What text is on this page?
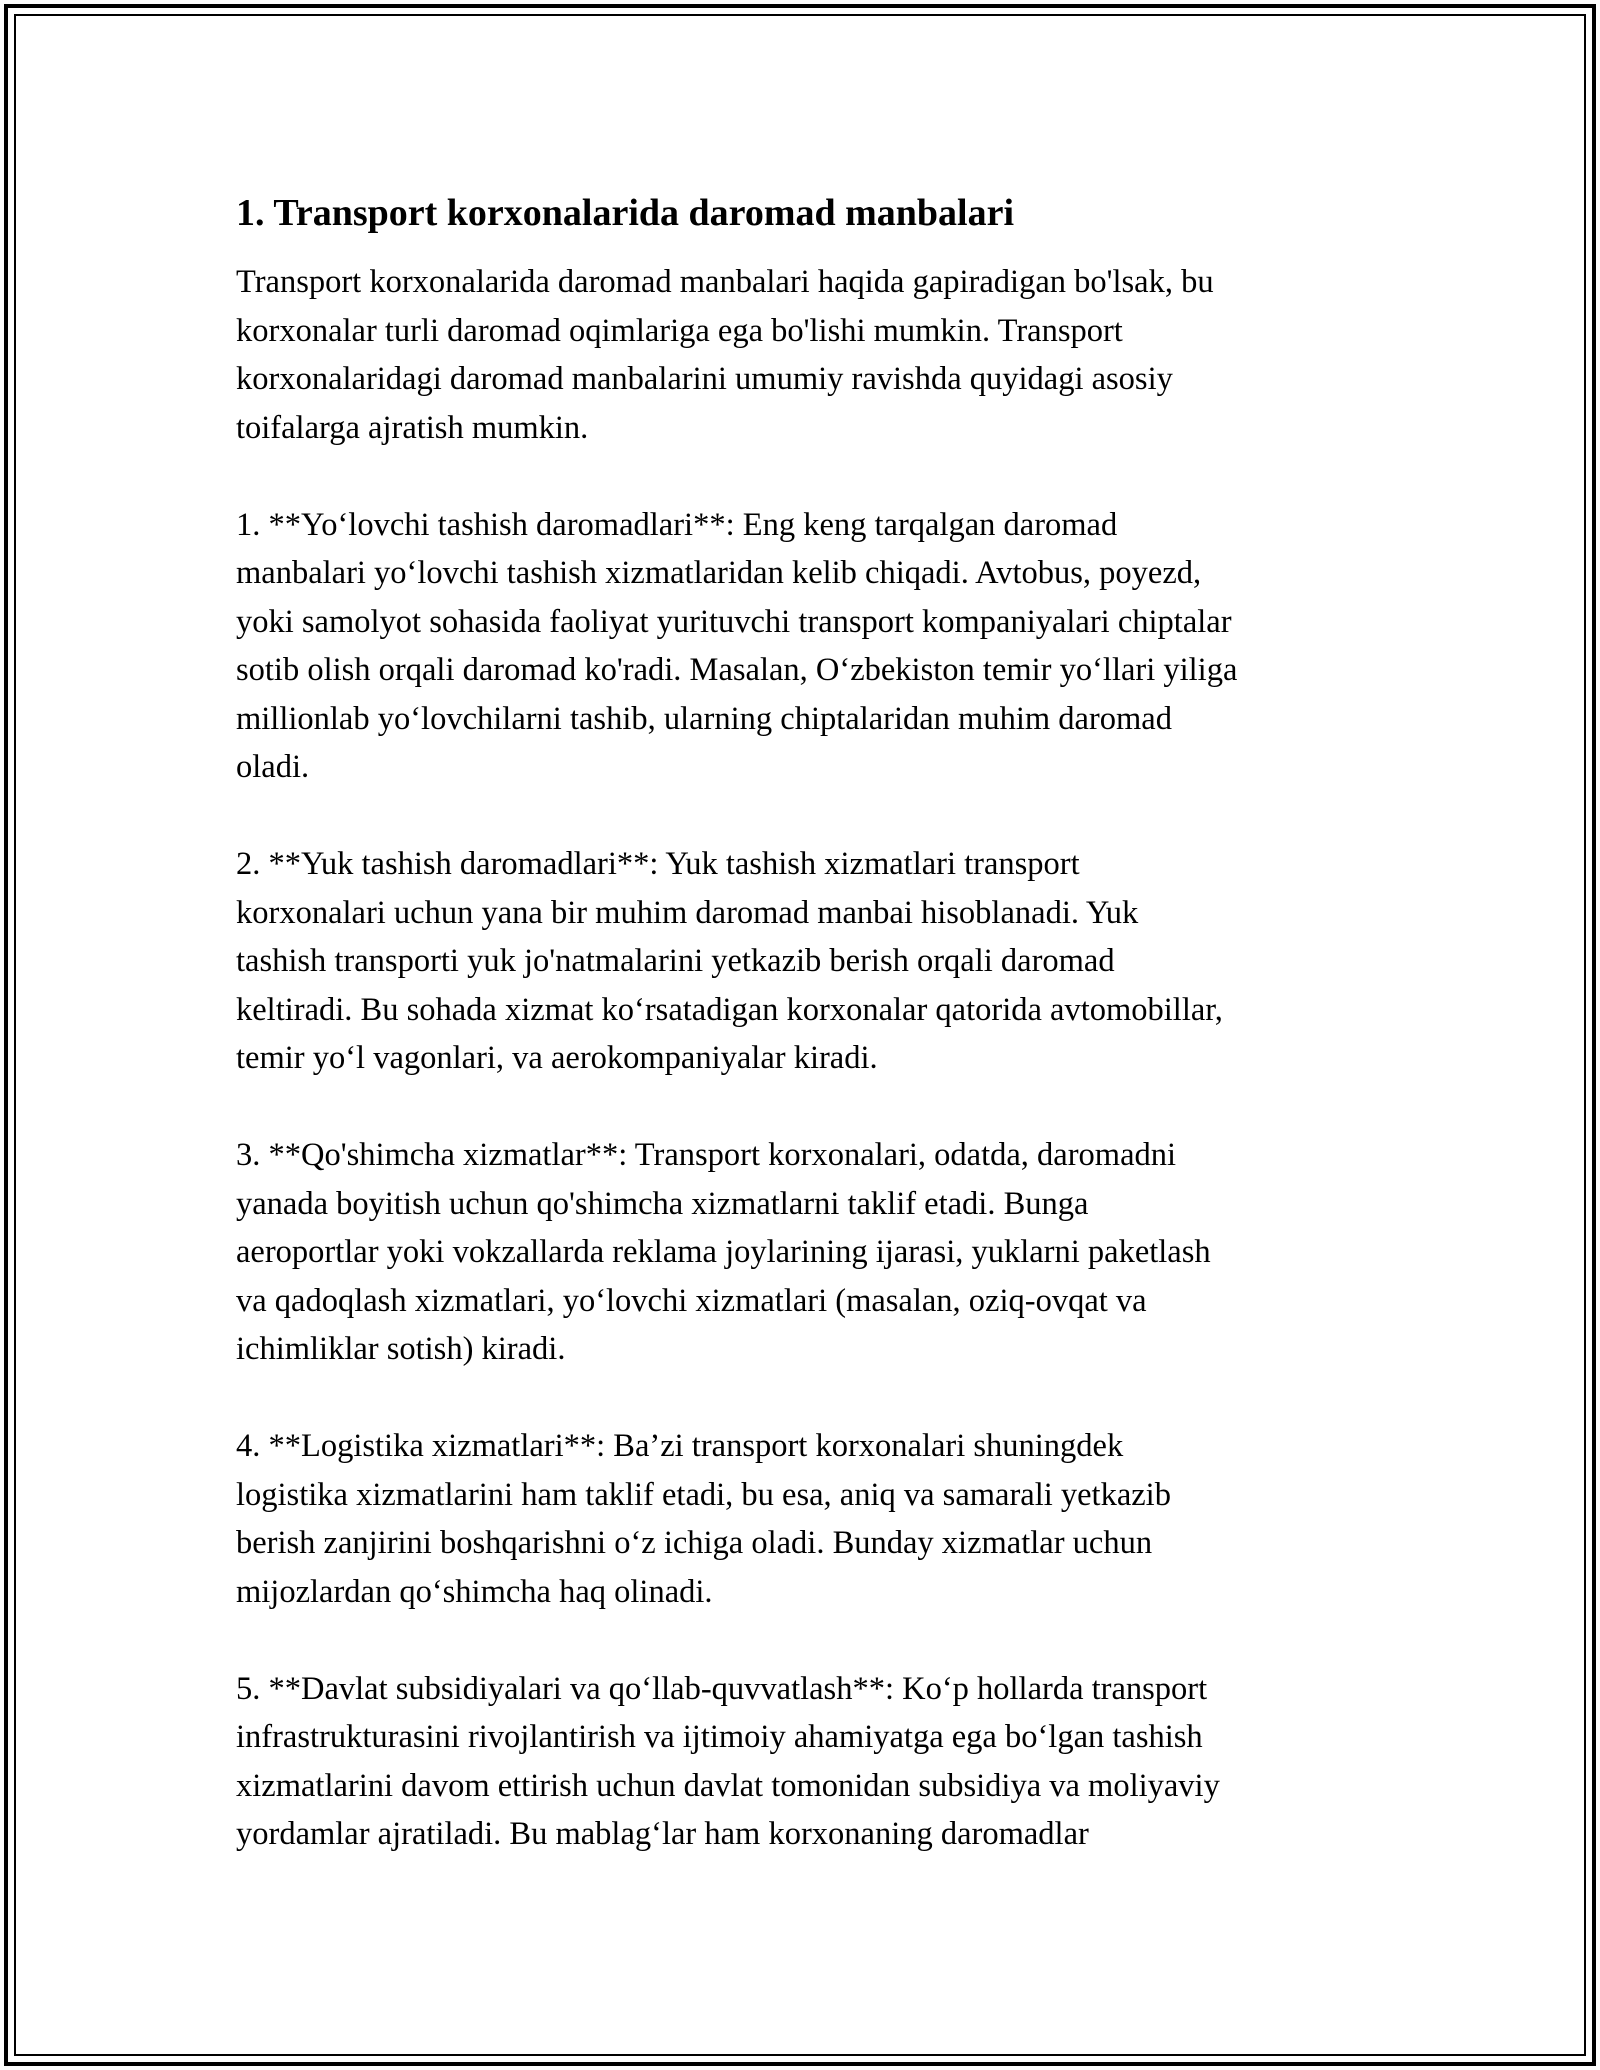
1. Transport korxonalarida daromad manbalari

Transport korxonalarida daromad manbalari haqida gapiradigan bo'lsak, bu
korxonalar turli daromad oqimlariga ega bo'lishi mumkin. Transport
korxonalaridagi daromad manbalarini umumiy ravishda quyidagi asosiy
toifalarga ajratish mumkin.

1. **Yo‘lovchi tashish daromadlari**: Eng keng tarqalgan daromad
manbalari yo‘lovchi tashish xizmatlaridan kelib chiqadi. Avtobus, poyezd,
yoki samolyot sohasida faoliyat yurituvchi transport kompaniyalari chiptalar
sotib olish orqali daromad ko'radi. Masalan, O‘zbekiston temir yo‘llari yiliga
millionlab yo‘lovchilarni tashib, ularning chiptalaridan muhim daromad
oladi.

2. **Yuk tashish daromadlari**: Yuk tashish xizmatlari transport
korxonalari uchun yana bir muhim daromad manbai hisoblanadi. Yuk
tashish transporti yuk jo'natmalarini yetkazib berish orqali daromad
keltiradi. Bu sohada xizmat ko‘rsatadigan korxonalar qatorida avtomobillar,
temir yo‘l vagonlari, va aerokompaniyalar kiradi.

3. **Qo'shimcha xizmatlar**: Transport korxonalari, odatda, daromadni
yanada boyitish uchun qo'shimcha xizmatlarni taklif etadi. Bunga
aeroportlar yoki vokzallarda reklama joylarining ijarasi, yuklarni paketlash
va qadoqlash xizmatlari, yo‘lovchi xizmatlari (masalan, oziq-ovqat va
ichimliklar sotish) kiradi.

4. **Logistika xizmatlari**: Ba’zi transport korxonalari shuningdek
logistika xizmatlarini ham taklif etadi, bu esa, aniq va samarali yetkazib
berish zanjirini boshqarishni o‘z ichiga oladi. Bunday xizmatlar uchun
mijozlardan qo‘shimcha haq olinadi.

5. **Davlat subsidiyalari va qo‘llab-quvvatlash**: Ko‘p hollarda transport
infrastrukturasini rivojlantirish va ijtimoiy ahamiyatga ega bo‘lgan tashish
xizmatlarini davom ettirish uchun davlat tomonidan subsidiya va moliyaviy
yordamlar ajratiladi. Bu mablag‘lar ham korxonaning daromadlar
